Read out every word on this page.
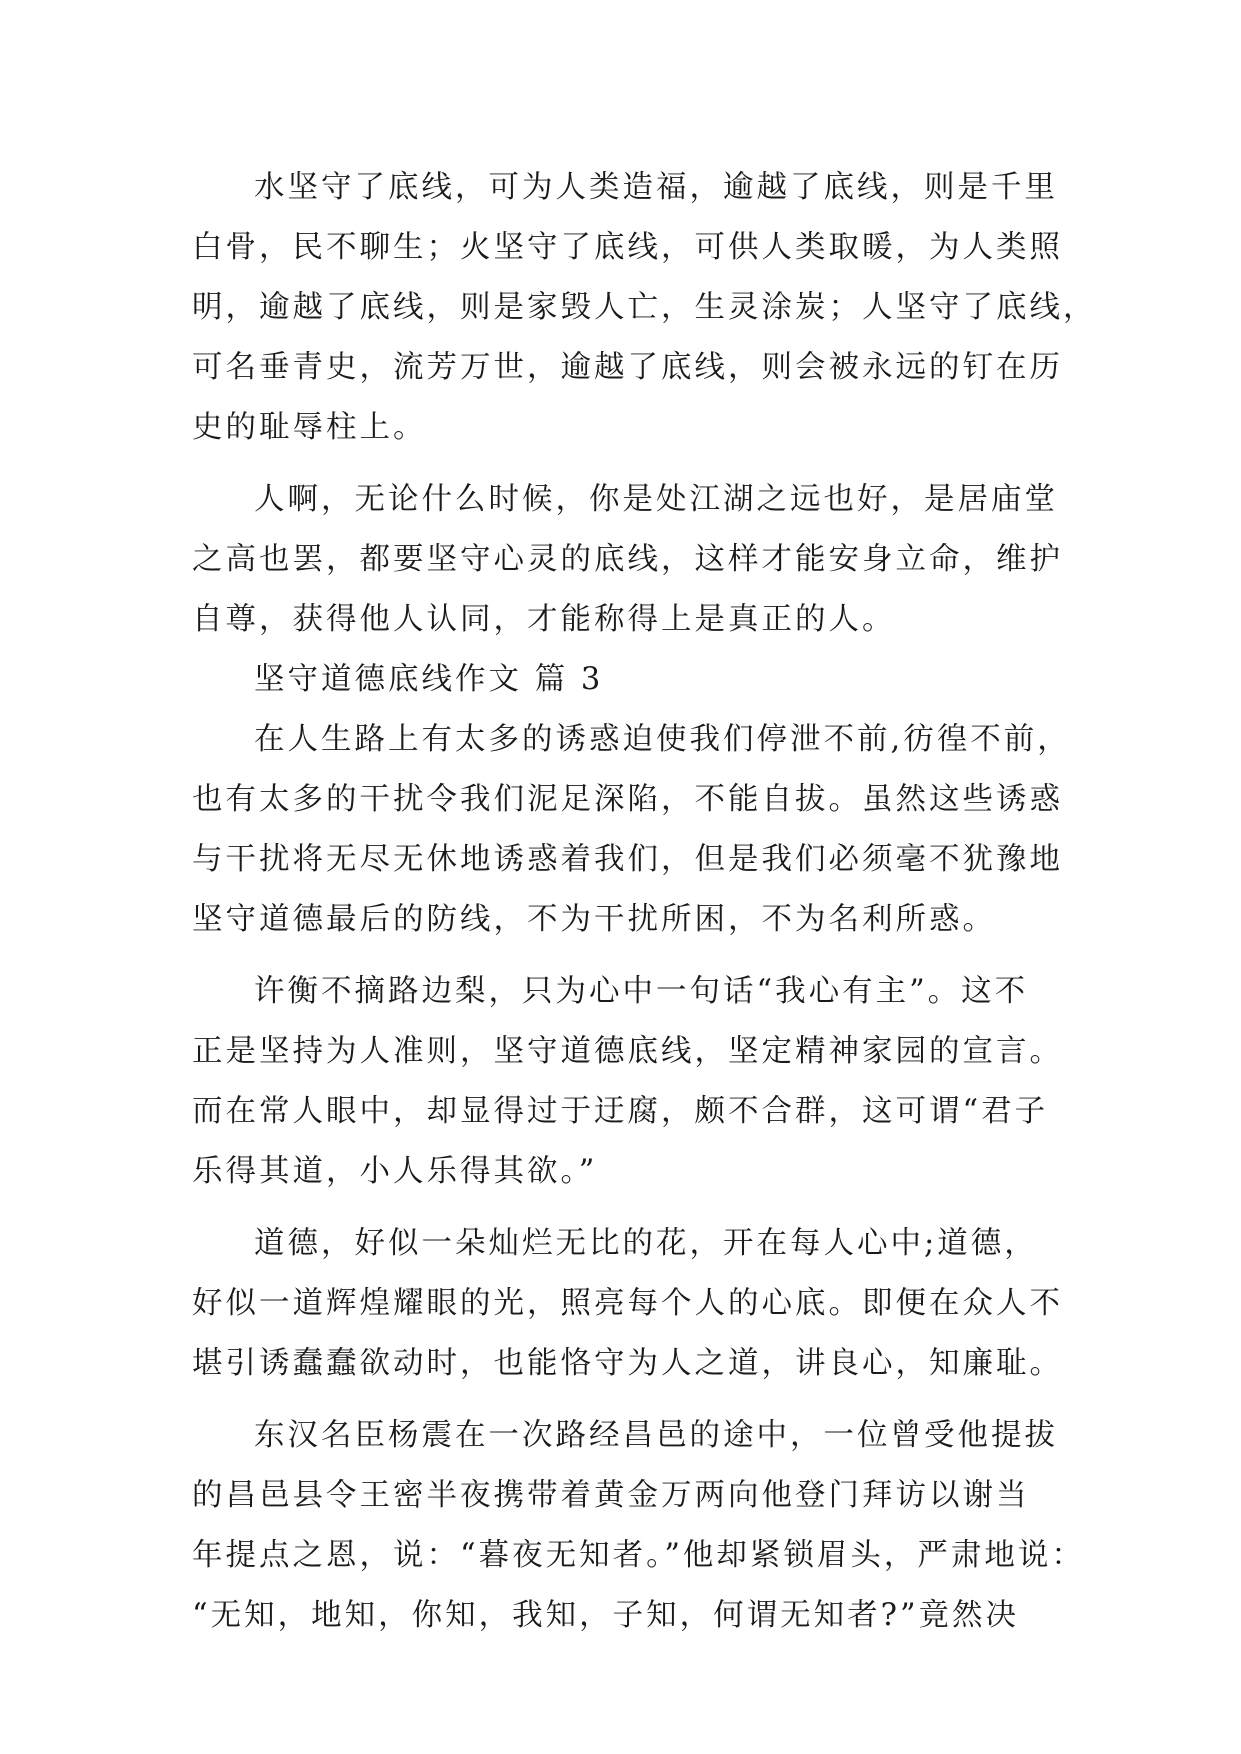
水坚守了底线，可为人类造福，逾越了底线，则是千里

白骨，民不聊生；火坚守了底线，可供人类取暖，为人类照

明，逾越了底线，则是家毁人亡，生灵涂炭；人坚守了底线，

可名垂青史，流芳万世，逾越了底线，则会被永远的钉在历

史的耻辱柱上。

人啊，无论什么时候，你是处江湖之远也好，是居庙堂

之高也罢，都要坚守心灵的底线，这样才能安身立命，维护

自尊，获得他人认同，才能称得上是真正的人。

坚守道德底线作文 篇 3

在人生路上有太多的诱惑迫使我们停泄不前,彷徨不前，

也有太多的干扰令我们泥足深陷，不能自拔。虽然这些诱惑

与干扰将无尽无休地诱惑着我们，但是我们必须毫不犹豫地

坚守道德最后的防线，不为干扰所困，不为名利所惑。

许衡不摘路边梨，只为心中一句话“我心有主”。这不

正是坚持为人准则，坚守道德底线，坚定精神家园的宣言。

而在常人眼中，却显得过于迂腐，颇不合群，这可谓“君子

乐得其道，小人乐得其欲。”

道德，好似一朵灿烂无比的花，开在每人心中;道德，

好似一道辉煌耀眼的光，照亮每个人的心底。即便在众人不

堪引诱蠢蠢欲动时，也能恪守为人之道，讲良心，知廉耻。

东汉名臣杨震在一次路经昌邑的途中，一位曾受他提拔

的昌邑县令王密半夜携带着黄金万两向他登门拜访以谢当

年提点之恩，说：“暮夜无知者。”他却紧锁眉头，严肃地说：

“无知，地知，你知，我知，子知，何谓无知者?”竟然决
